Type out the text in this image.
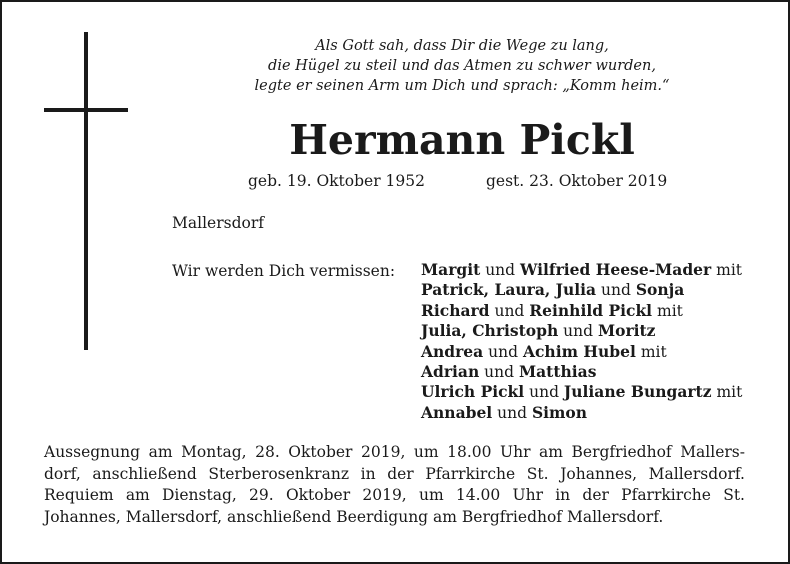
Als Gott sah, dass Dir die Wege zu lang,
die Hügel zu steil und das Atmen zu schwer wurden,
legte er seinen Arm um Dich und sprach: „Komm heim.“
Hermann Pickl
geb. 19. Oktober 1952	gest. 23. Oktober 2019
Mallersdorf
Wir werden Dich vermissen: Margit und Wilfried Heese-Mader mit
Patrick, Laura, Julia und Sonja
Richard und Reinhild Pickl mit
Julia, Christoph und Moritz
Andrea und Achim Hubel mit
Adrian und Matthias
Ulrich Pickl und Juliane Bungartz mit
Annabel und Simon
Aussegnung am Montag, 28. Oktober 2019, um 18.00 Uhr am Bergfriedhof Mallers-
dorf, anschließend Sterberosenkranz in der Pfarrkirche St. Johannes, Mallersdorf.
Requiem am Dienstag, 29. Oktober 2019, um 14.00 Uhr in der Pfarrkirche St.
Johannes, Mallersdorf, anschließend Beerdigung am Bergfriedhof Mallersdorf.
